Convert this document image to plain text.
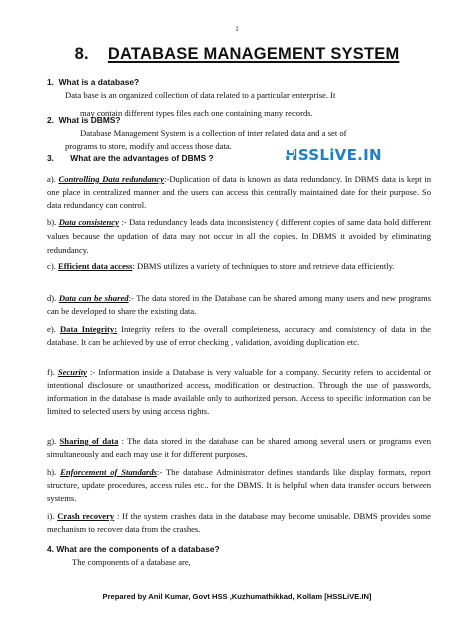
1
8. DATABASE MANAGEMENT SYSTEM
1. What is a database?
Data base is an organized collection of data related to a particular enterprise. It
may contain different types files each one containing many records.
2. What is DBMS?
Database Management System is a collection of inter related data and a set of
programs to store, modify and access those data.
3. What are the advantages of DBMS ?	HSSLiVE.IN
a). Controlling Data redundancy:-Duplication of data is known as data redundancy. In DBMS data is kept in one place in centralized manner and the users can access this centrally maintained date for their purpose. So data redundancy can control.
b). Data consistency :- Data redundancy leads data inconsistency ( different copies of same data hold different values because the updation of data may not occur in all the copies. In DBMS it avoided by eliminating redundancy.
c). Efficient data access: DBMS utilizes a variety of techniques to store and retrieve data efficiently.
d). Data can be shared:- The data stored in the Database can be shared among many users and new programs can be developed to share the existing data.
e). Data Integrity: Integrity refers to the overall completeness, accuracy and consistency of data in the database. It can be achieved by use of error checking , validation, avoiding duplication etc.
f). Security :- Information inside a Database is very valuable for a company. Security refers to accidental or intentional disclosure or unauthorized access, modification or destruction. Through the use of passwords, information in the database is made available only to authorized person. Access to specific information can be limited to selected users by using access rights.
g). Sharing of data : The data stored in the database can be shared among several users or programs even simultaneously and each may use it for different purposes.
h). Enforcement of Standards:- The database Administrator defines standards like display formats, report structure, update procedures, access rules etc.. for the DBMS. It is helpful when data transfer occurs between systems.
i). Crash recovery : If the system crashes data in the database may become unusable. DBMS provides some mechanism to recover data from the crashes.
4. What are the components of a database?
The components of a database are,
Prepared by Anil Kumar, Govt HSS ,Kuzhumathikkad, Kollam [HSSLiVE.IN]
